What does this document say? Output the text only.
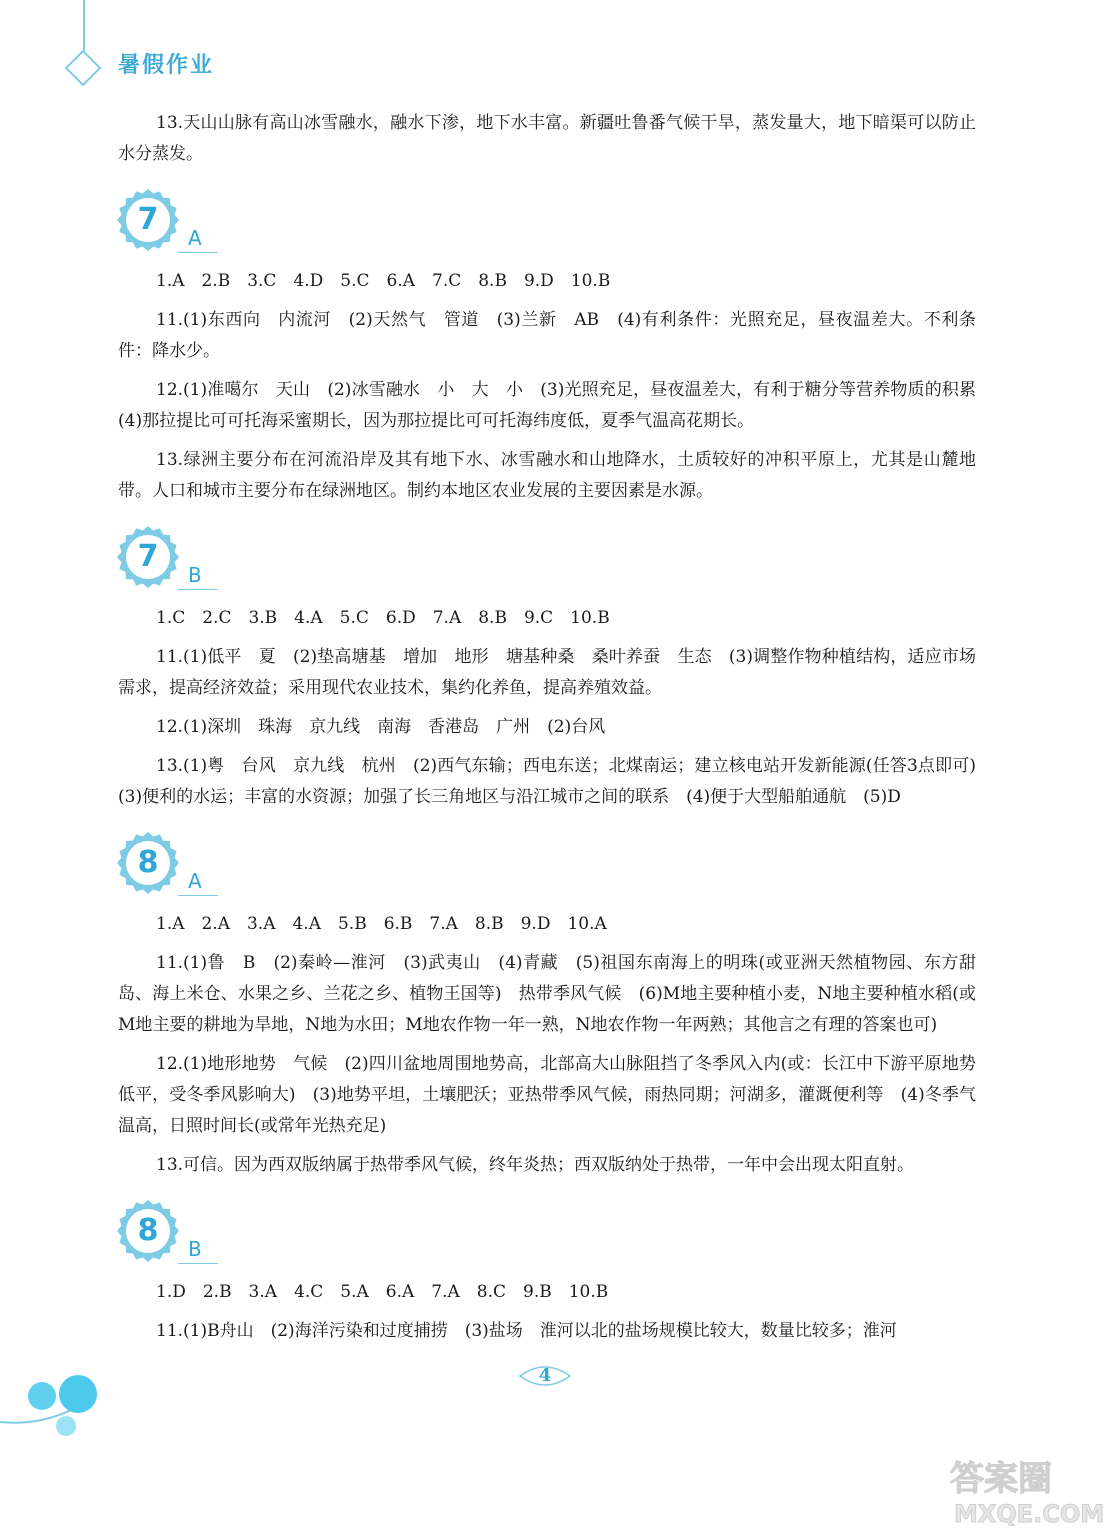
暑假作业

13.天山山脉有高山冰雪融水，融水下渗，地下水丰富。新疆吐鲁番气候干旱，蒸发量大，地下暗渠可以防止水分蒸发。

7
A

1.A　2.B　3.C　4.D　5.C　6.A　7.C　8.B　9.D　10.B

11.(1)东西向　内流河　(2)天然气　管道　(3)兰新　AB　(4)有利条件：光照充足，昼夜温差大。不利条件：降水少。

12.(1)准噶尔　天山　(2)冰雪融水　小　大　小　(3)光照充足，昼夜温差大，有利于糖分等营养物质的积累　(4)那拉提比可可托海采蜜期长，因为那拉提比可可托海纬度低，夏季气温高花期长。

13.绿洲主要分布在河流沿岸及其有地下水、冰雪融水和山地降水，土质较好的冲积平原上，尤其是山麓地带。人口和城市主要分布在绿洲地区。制约本地区农业发展的主要因素是水源。

7
B

1.C　2.C　3.B　4.A　5.C　6.D　7.A　8.B　9.C　10.B

11.(1)低平　夏　(2)垫高塘基　增加　地形　塘基种桑　桑叶养蚕　生态　(3)调整作物种植结构，适应市场需求，提高经济效益；采用现代农业技术，集约化养鱼，提高养殖效益。

12.(1)深圳　珠海　京九线　南海　香港岛　广州　(2)台风

13.(1)粤　台风　京九线　杭州　(2)西气东输；西电东送；北煤南运；建立核电站开发新能源(任答3点即可)　(3)便利的水运；丰富的水资源；加强了长三角地区与沿江城市之间的联系　(4)便于大型船舶通航　(5)D

8
A

1.A　2.A　3.A　4.A　5.B　6.B　7.A　8.B　9.D　10.A

11.(1)鲁　B　(2)秦岭—淮河　(3)武夷山　(4)青藏　(5)祖国东南海上的明珠(或亚洲天然植物园、东方甜岛、海上米仓、水果之乡、兰花之乡、植物王国等)　热带季风气候　(6)M地主要种植小麦，N地主要种植水稻(或M地主要的耕地为旱地，N地为水田；M地农作物一年一熟，N地农作物一年两熟；其他言之有理的答案也可)

12.(1)地形地势　气候　(2)四川盆地周围地势高，北部高大山脉阻挡了冬季风入内(或：长江中下游平原地势低平，受冬季风影响大)　(3)地势平坦，土壤肥沃；亚热带季风气候，雨热同期；河湖多，灌溉便利等　(4)冬季气温高，日照时间长(或常年光热充足)

13.可信。因为西双版纳属于热带季风气候，终年炎热；西双版纳处于热带，一年中会出现太阳直射。

8
B

1.D　2.B　3.A　4.C　5.A　6.A　7.A　8.C　9.B　10.B

11.(1)B舟山　(2)海洋污染和过度捕捞　(3)盐场　淮河以北的盐场规模比较大，数量比较多；淮河

4
答案圈
MXQE.COM
